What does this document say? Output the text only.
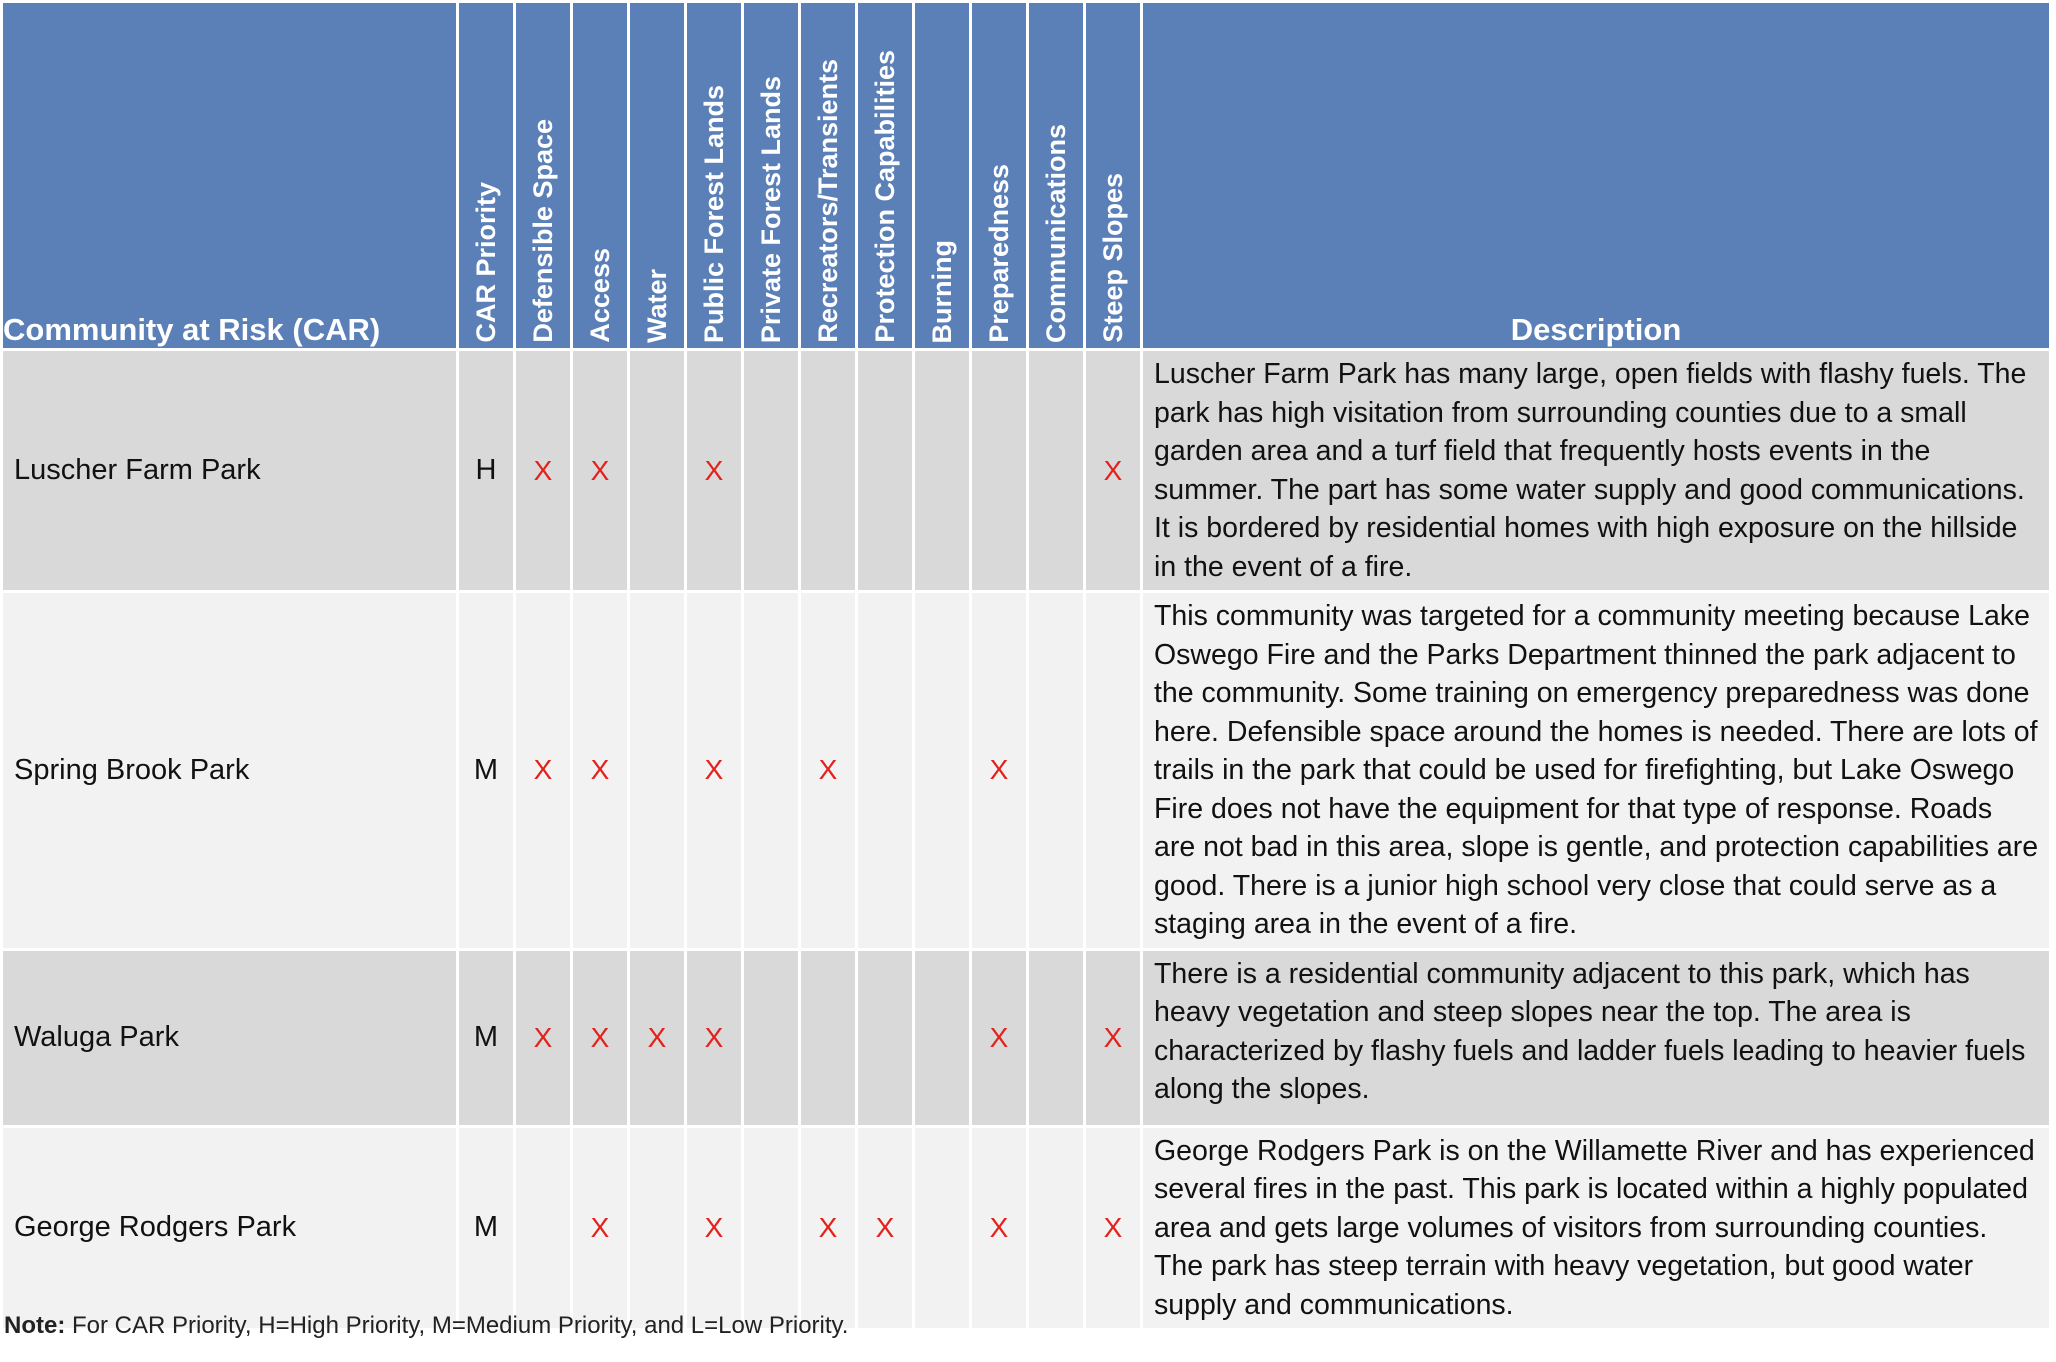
Community at Risk (CAR)	CAR Priority	Defensible Space	Access	Water	Public Forest Lands	Private Forest Lands	Recreators/Transients	Protection Capabilities	Burning	Preparedness	Communications	Steep Slopes	Description
Luscher Farm Park	H	X	X		X							X	Luscher Farm Park has many large, open fields with flashy fuels. The park has high visitation from surrounding counties due to a small garden area and a turf field that frequently hosts events in the summer. The part has some water supply and good communications. It is bordered by residential homes with high exposure on the hillside in the event of a fire.
Spring Brook Park	M	X	X		X		X			X			This community was targeted for a community meeting because Lake Oswego Fire and the Parks Department thinned the park adjacent to the community. Some training on emergency preparedness was done here. Defensible space around the homes is needed. There are lots of trails in the park that could be used for firefighting, but Lake Oswego Fire does not have the equipment for that type of response. Roads are not bad in this area, slope is gentle, and protection capabilities are good. There is a junior high school very close that could serve as a staging area in the event of a fire.
Waluga Park	M	X	X	X	X					X		X	There is a residential community adjacent to this park, which has heavy vegetation and steep slopes near the top. The area is characterized by flashy fuels and ladder fuels leading to heavier fuels along the slopes.
George Rodgers Park	M		X		X		X	X		X		X	George Rodgers Park is on the Willamette River and has experienced several fires in the past. This park is located within a highly populated area and gets large volumes of visitors from surrounding counties. The park has steep terrain with heavy vegetation, but good water supply and communications.
Note: For CAR Priority, H=High Priority, M=Medium Priority, and L=Low Priority.
